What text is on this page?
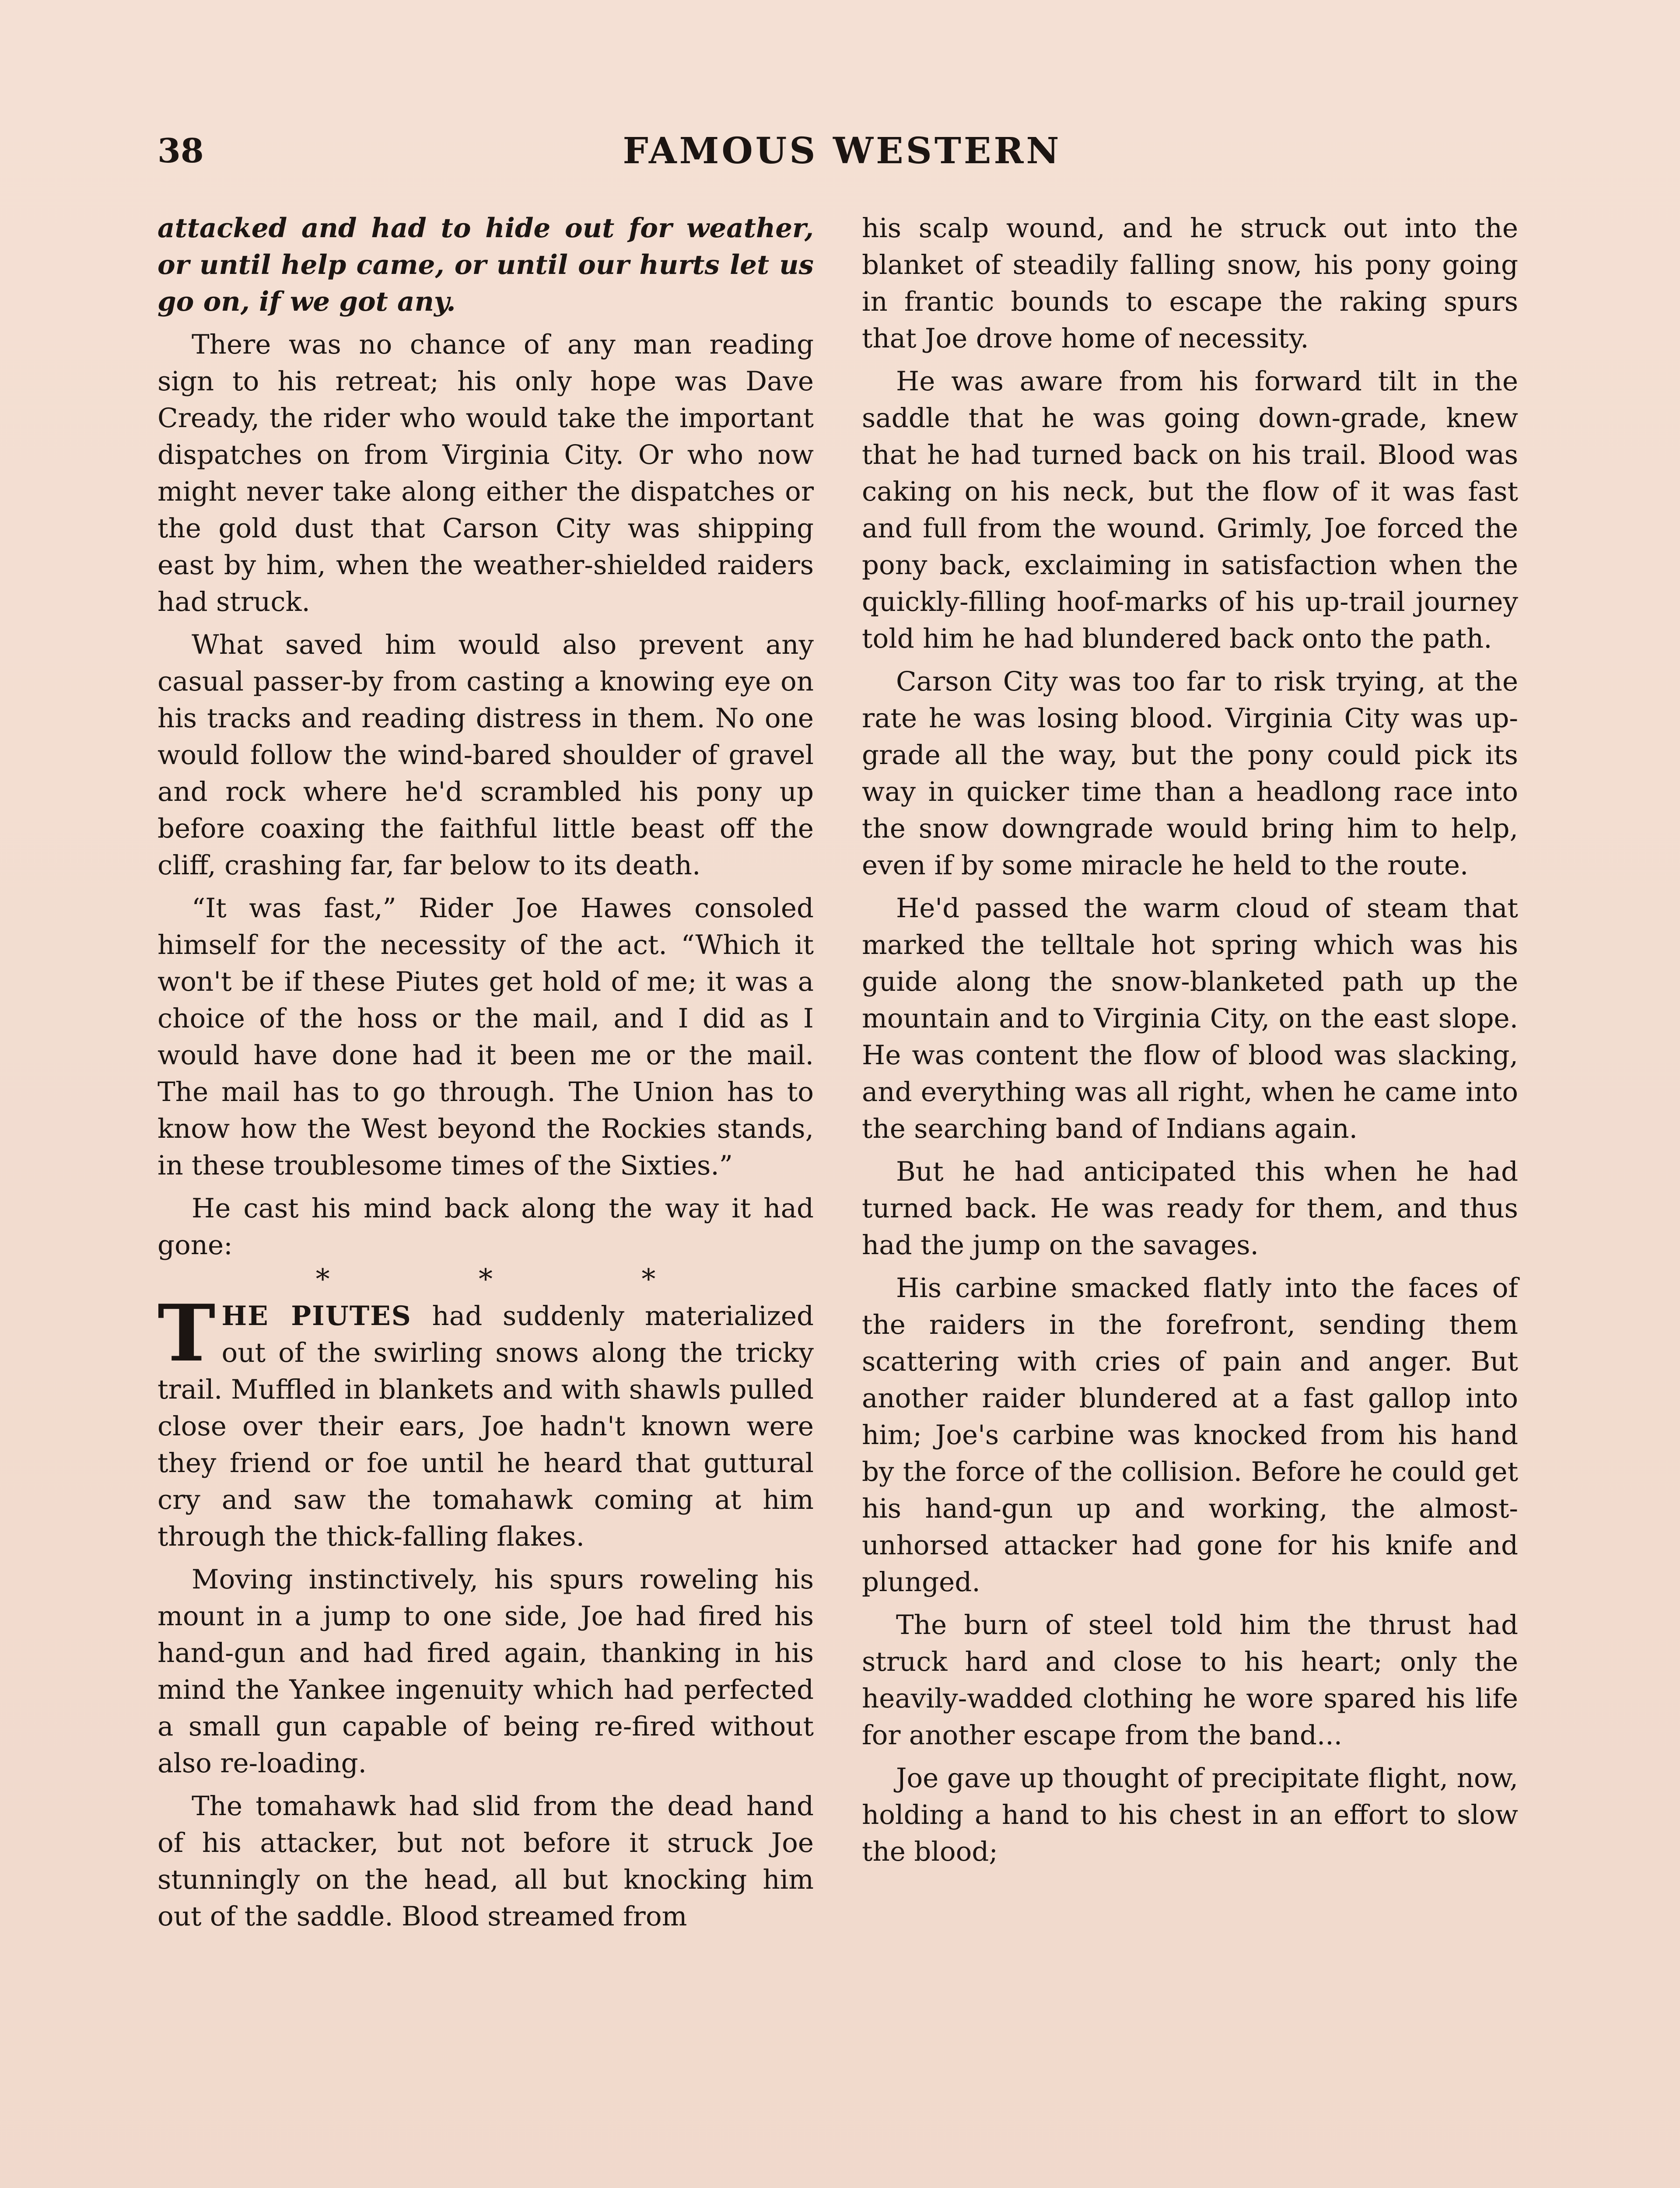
38	FAMOUS WESTERN

attacked and had to hide out for weather, or until help came, or until our hurts let us go on, if we got any.

There was no chance of any man reading sign to his retreat; his only hope was Dave Cready, the rider who would take the important dispatches on from Virginia City. Or who now might never take along either the dispatches or the gold dust that Carson City was shipping east by him, when the weather-shielded raiders had struck.

What saved him would also prevent any casual passer-by from casting a knowing eye on his tracks and reading distress in them. No one would follow the wind-bared shoulder of gravel and rock where he'd scrambled his pony up before coaxing the faithful little beast off the cliff, crashing far, far below to its death.

“It was fast,” Rider Joe Hawes consoled himself for the necessity of the act. “Which it won't be if these Piutes get hold of me; it was a choice of the hoss or the mail, and I did as I would have done had it been me or the mail. The mail has to go through. The Union has to know how the West beyond the Rockies stands, in these troublesome times of the Sixties.”

He cast his mind back along the way it had gone:

* * *

THE PIUTES had suddenly materialized out of the swirling snows along the tricky trail. Muffled in blankets and with shawls pulled close over their ears, Joe hadn't known were they friend or foe until he heard that guttural cry and saw the tomahawk coming at him through the thick-falling flakes.

Moving instinctively, his spurs roweling his mount in a jump to one side, Joe had fired his hand-gun and had fired again, thanking in his mind the Yankee ingenuity which had perfected a small gun capable of being re-fired without also re-loading.

The tomahawk had slid from the dead hand of his attacker, but not before it struck Joe stunningly on the head, all but knocking him out of the saddle. Blood streamed from

his scalp wound, and he struck out into the blanket of steadily falling snow, his pony going in frantic bounds to escape the raking spurs that Joe drove home of necessity.

He was aware from his forward tilt in the saddle that he was going down-grade, knew that he had turned back on his trail. Blood was caking on his neck, but the flow of it was fast and full from the wound. Grimly, Joe forced the pony back, exclaiming in satisfaction when the quickly-filling hoof-marks of his up-trail journey told him he had blundered back onto the path.

Carson City was too far to risk trying, at the rate he was losing blood. Virginia City was up-grade all the way, but the pony could pick its way in quicker time than a headlong race into the snow downgrade would bring him to help, even if by some miracle he held to the route.

He'd passed the warm cloud of steam that marked the telltale hot spring which was his guide along the snow-blanketed path up the mountain and to Virginia City, on the east slope. He was content the flow of blood was slacking, and everything was all right, when he came into the searching band of Indians again.

But he had anticipated this when he had turned back. He was ready for them, and thus had the jump on the savages.

His carbine smacked flatly into the faces of the raiders in the forefront, sending them scattering with cries of pain and anger. But another raider blundered at a fast gallop into him; Joe's carbine was knocked from his hand by the force of the collision. Before he could get his hand-gun up and working, the almost-unhorsed attacker had gone for his knife and plunged.

The burn of steel told him the thrust had struck hard and close to his heart; only the heavily-wadded clothing he wore spared his life for another escape from the band...

Joe gave up thought of precipitate flight, now, holding a hand to his chest in an effort to slow the blood;
